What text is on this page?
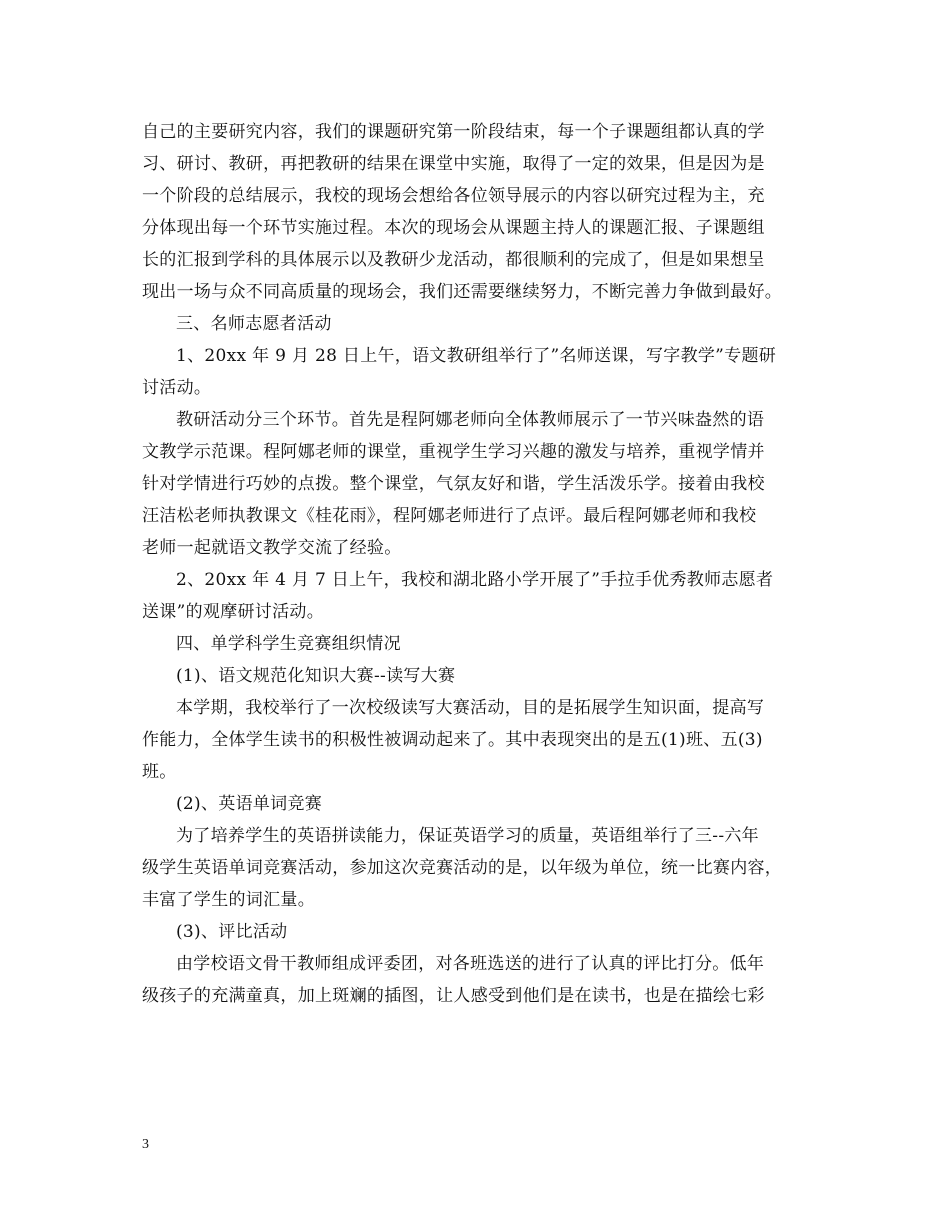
自己的主要研究内容，我们的课题研究第一阶段结束，每一个子课题组都认真的学
习、研讨、教研，再把教研的结果在课堂中实施，取得了一定的效果，但是因为是
一个阶段的总结展示，我校的现场会想给各位领导展示的内容以研究过程为主，充
分体现出每一个环节实施过程。本次的现场会从课题主持人的课题汇报、子课题组
长的汇报到学科的具体展示以及教研少龙活动，都很顺利的完成了，但是如果想呈
现出一场与众不同高质量的现场会，我们还需要继续努力，不断完善力争做到最好。
三、名师志愿者活动
1、20xx 年 9 月 28 日上午，语文教研组举行了”名师送课，写字教学”专题研
讨活动。
教研活动分三个环节。首先是程阿娜老师向全体教师展示了一节兴味盎然的语
文教学示范课。程阿娜老师的课堂，重视学生学习兴趣的激发与培养，重视学情并
针对学情进行巧妙的点拨。整个课堂，气氛友好和谐，学生活泼乐学。接着由我校
汪洁松老师执教课文《桂花雨》，程阿娜老师进行了点评。最后程阿娜老师和我校
老师一起就语文教学交流了经验。
2、20xx 年 4 月 7 日上午，我校和湖北路小学开展了”手拉手优秀教师志愿者
送课”的观摩研讨活动。
四、单学科学生竞赛组织情况
(1)、语文规范化知识大赛--读写大赛
本学期，我校举行了一次校级读写大赛活动，目的是拓展学生知识面，提高写
作能力，全体学生读书的积极性被调动起来了。其中表现突出的是五(1)班、五(3)
班。
(2)、英语单词竞赛
为了培养学生的英语拼读能力，保证英语学习的质量，英语组举行了三--六年
级学生英语单词竞赛活动，参加这次竞赛活动的是，以年级为单位，统一比赛内容，
丰富了学生的词汇量。
(3)、评比活动
由学校语文骨干教师组成评委团，对各班选送的进行了认真的评比打分。低年
级孩子的充满童真，加上斑斓的插图，让人感受到他们是在读书，也是在描绘七彩
3
